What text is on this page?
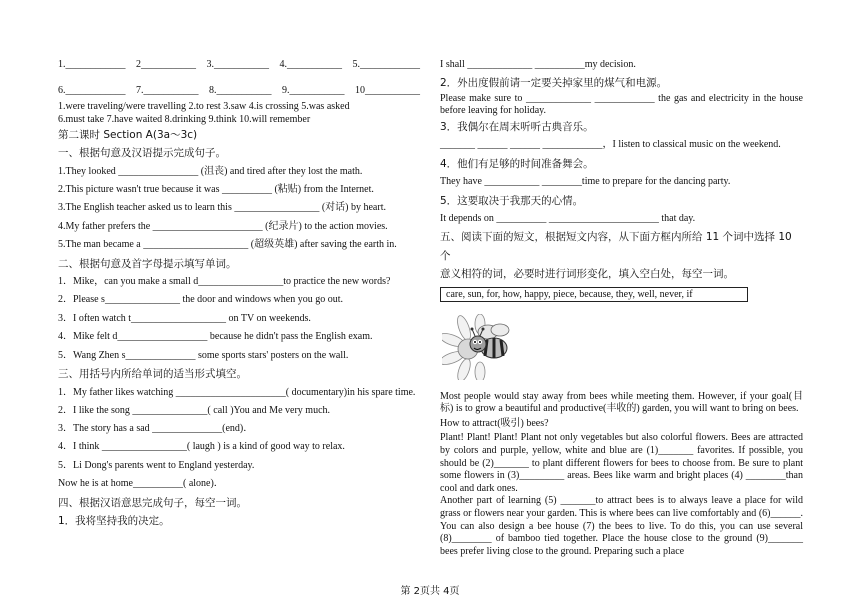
1.____________ 2___________ 3.___________ 4.___________ 5.____________
6.____________ 7.___________ 8.___________ 9.___________ 10___________
1.were traveling/were travelling 2.to rest 3.saw 4.is crossing 5.was asked
6.must take 7.have waited 8.drinking 9.think 10.will remember
第二课时 Section A(3a～3c)
一、根据句意及汉语提示完成句子。
1.They looked ________________ (沮丧) and tired after they lost the math.
2.This picture wasn't true because it was __________ (粘贴) from the Internet.
3.The English teacher asked us to learn this _________________ (对话) by heart.
4.My father prefers the ______________________ (纪录片) to the action movies.
5.The man became a _____________________ (超级英雄) after saving the earth in.
二、根据句意及首字母提示填写单词。
1．Mike，can you make a small d_________________to practice the new words?
2．Please s_______________ the door and windows when you go out.
3．I often watch t___________________ on TV on weekends.
4．Mike felt d__________________ because he didn't pass the English exam.
5．Wang Zhen s______________ some sports stars' posters on the wall.
三、用括号内所给单词的适当形式填空。
1．My father likes watching ______________________( documentary)in his spare time.
2．I like the song _______________( call )You and Me very much.
3．The story has a sad ______________(end)．
4．I think _________________( laugh ) is a kind of good way to relax.
5．Li Dong's parents went to England yesterday.
Now he is at home__________( alone)．
四、根据汉语意思完成句子，每空一词。
1．我将坚持我的决定。
I shall _____________ __________my decision.
2．外出度假前请一定要关掉家里的煤气和电源。
Please make sure to _____________ ____________ the gas and electricity in the house before leaving for holiday.
3．我偶尔在周末听听古典音乐。
_______ ______ ______ ____________，I listen to classical music on the weekend.
4．他们有足够的时间准备舞会。
They have ___________ ________time to prepare for the dancing party.
5．这要取决于我那天的心情。
It depends on __________ ______________________ that day.
五、阅读下面的短文，根据短文内容，从下面方框内所给 11 个词中选择 10 个
意义相符的词，必要时进行词形变化，填入空白处，每空一词。
care, sun, for, how, happy, piece, because, they, well, never, if
Most people would stay away from bees while meeting them. However, if your goal(目标) is to grow a beautiful and productive(丰收的) garden, you will want to bring on bees.
How to attract(吸引) bees?
Plant! Plant! Plant! Plant not only vegetables but also colorful flowers. Bees are attracted by colors and purple, yellow, white and blue are (1)_______ favorites. If possible, you should be (2)_______ to plant different flowers for bees to choose from. Be sure to plant some flowers in (3)_________ areas. Bees like warm and bright places (4) ________than cool and dark ones.
Another part of learning (5) _______to attract bees is to always leave a place for wild grass or flowers near your garden. This is where bees can live comfortably and (6)______. You can also design a bee house (7) the bees to live. To do this, you can use several (8)________ of bamboo tied together. Place the house close to the ground (9)_______ bees prefer living close to the ground. Preparing such a place
第 2页共 4页
